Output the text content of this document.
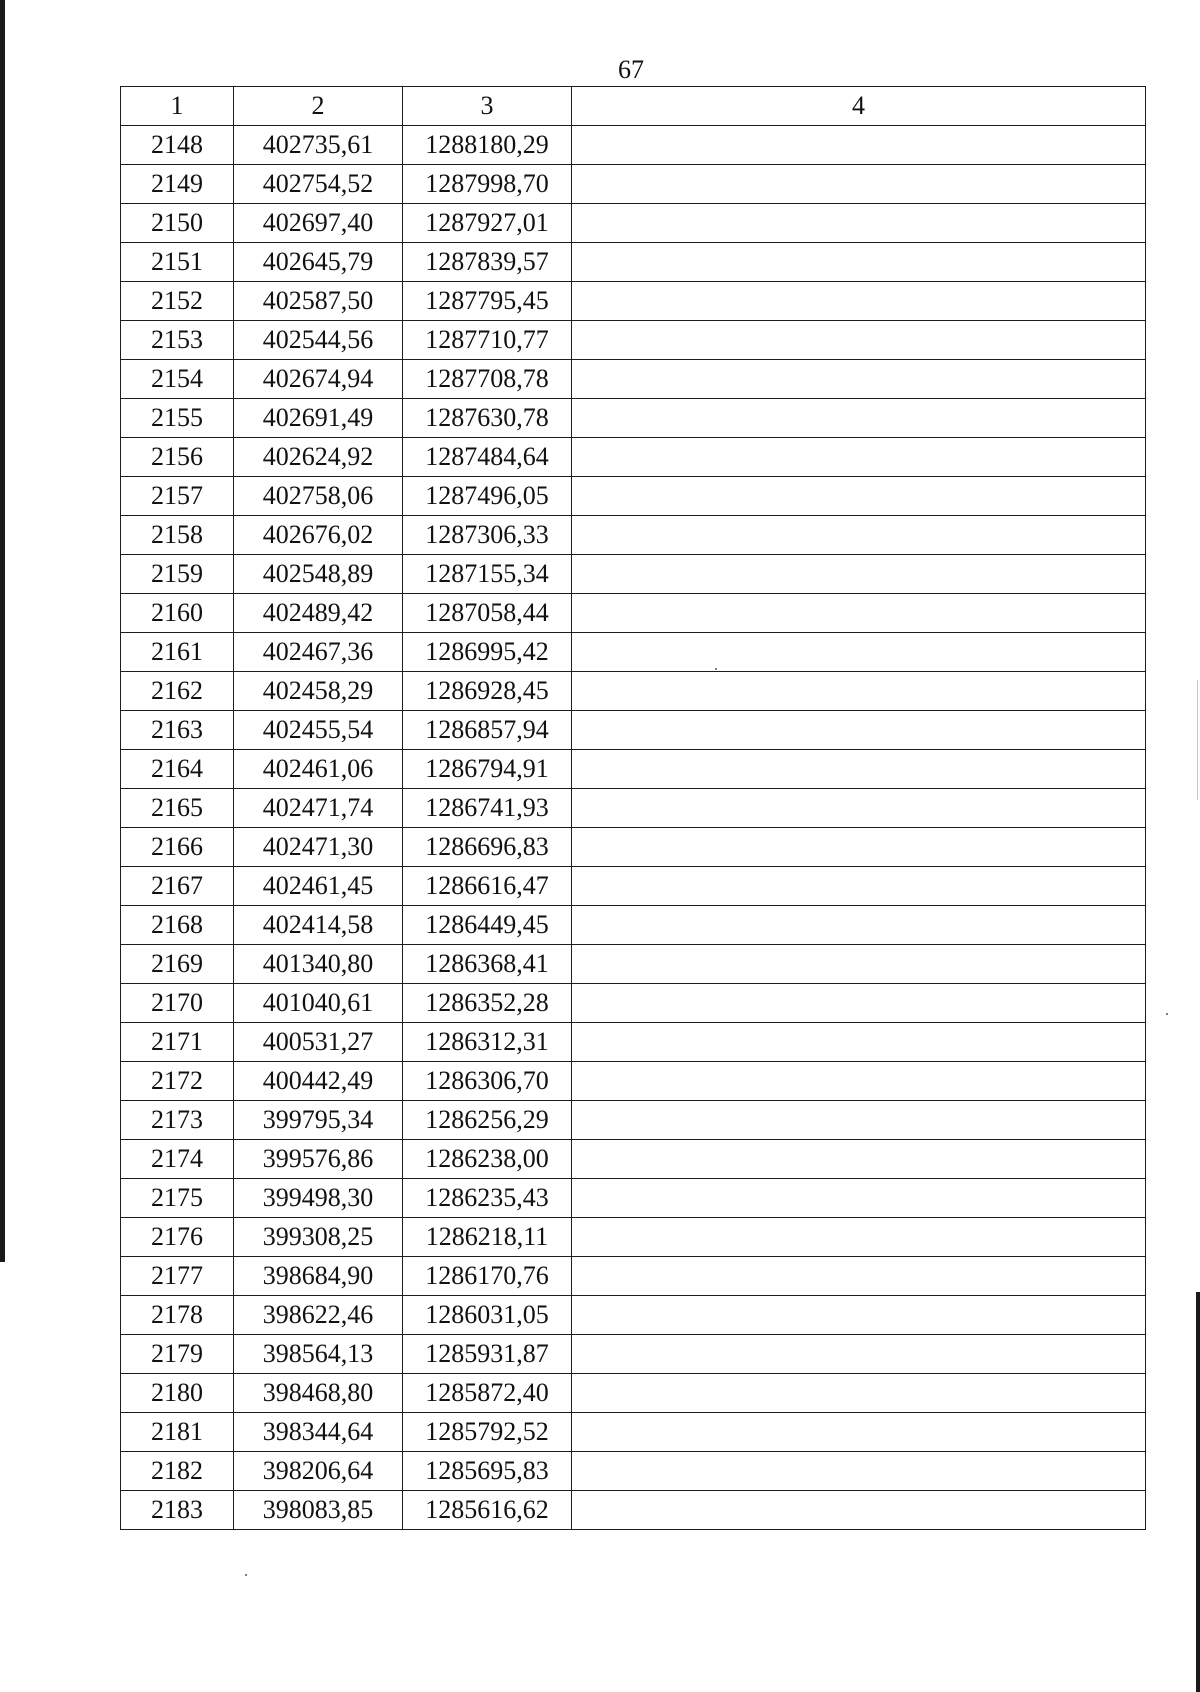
67
1	2	3	4
2148	402735,61	1288180,29	
2149	402754,52	1287998,70	
2150	402697,40	1287927,01	
2151	402645,79	1287839,57	
2152	402587,50	1287795,45	
2153	402544,56	1287710,77	
2154	402674,94	1287708,78	
2155	402691,49	1287630,78	
2156	402624,92	1287484,64	
2157	402758,06	1287496,05	
2158	402676,02	1287306,33	
2159	402548,89	1287155,34	
2160	402489,42	1287058,44	
2161	402467,36	1286995,42	
2162	402458,29	1286928,45	
2163	402455,54	1286857,94	
2164	402461,06	1286794,91	
2165	402471,74	1286741,93	
2166	402471,30	1286696,83	
2167	402461,45	1286616,47	
2168	402414,58	1286449,45	
2169	401340,80	1286368,41	
2170	401040,61	1286352,28	
2171	400531,27	1286312,31	
2172	400442,49	1286306,70	
2173	399795,34	1286256,29	
2174	399576,86	1286238,00	
2175	399498,30	1286235,43	
2176	399308,25	1286218,11	
2177	398684,90	1286170,76	
2178	398622,46	1286031,05	
2179	398564,13	1285931,87	
2180	398468,80	1285872,40	
2181	398344,64	1285792,52	
2182	398206,64	1285695,83	
2183	398083,85	1285616,62	
